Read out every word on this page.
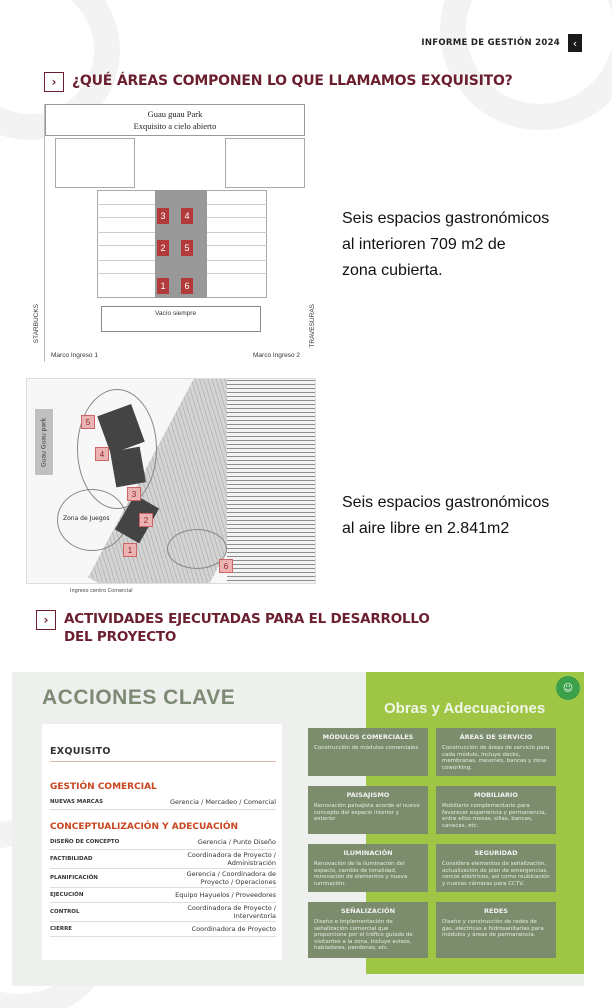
INFORME DE GESTIÓN 2024 ‹
›	¿QUÉ ÁREAS COMPONEN LO QUE LLAMAMOS EXQUISITO?
Guau guau Park
Exquisito a cielo abierto
3	4
2	5
1	6
Vacío siempre
STARBUCKS	TRAVESURAS
Marco Ingreso 1	Marco Ingreso 2
Seis espacios gastronómicos
al interioren 709 m2 de
zona cubierta.
Guau Guau park
Zona de Juegos
5
4
3
2
1
6
Ingreso centro Comercial
Seis espacios gastronómicos
al aire libre en 2.841m2
›	ACTIVIDADES EJECUTADAS PARA EL DESARROLLO
DEL PROYECTO
ACCIONES CLAVE
EXQUISITO
GESTIÓN COMERCIAL
NUEVAS MARCAS	Gerencia / Mercadeo / Comercial
CONCEPTUALIZACIÓN Y ADECUACIÓN
DISEÑO DE CONCEPTO	Gerencia / Punto Diseño
FACTIBILIDAD	Coordinadora de Proyecto / Administración
PLANIFICACIÓN	Gerencia / Coordinadora de Proyecto / Operaciones
EJECUCIÓN	Equipo Hayuelos / Proveedores
CONTROL	Coordinadora de Proyecto / Interventoría
CIERRE	Coordinadora de Proyecto
☺
Obras y Adecuaciones
MÓDULOS COMERCIALES
Construcción de módulos comerciales
ÁREAS DE SERVICIO
Construcción de áreas de servicio para cada módulo, incluye decks, membranas, mesones, bancas y zona coworking.
PAISAJISMO
Renovación paisajista acorde al nuevo concepto del espacio interior y exterior
MOBILIARIO
Mobiliario complementario para favorecer experiencia y permanencia, entre ellos mesas, sillas, bancas, canecas, etc.
ILUMINACIÓN
Renovación de la iluminación del espacio, cambio de tonalidad, renovación de elementos y nueva luminación.
SEGURIDAD
Considera elementos de señalización, actualización de plan de emergencias, cercos eléctricos, así como reubicación y nuevas cámaras para CCTV.
SEÑALIZACIÓN
Diseño e implementación de señalización comercial que proporcione por el tráfico guiado de visitantes a la zona. Incluye avisos, habladores, pendones, etc.
REDES
Diseño y construcción de redes de gas, eléctricas e hidrosanitarias para módulos y áreas de permanencia.
